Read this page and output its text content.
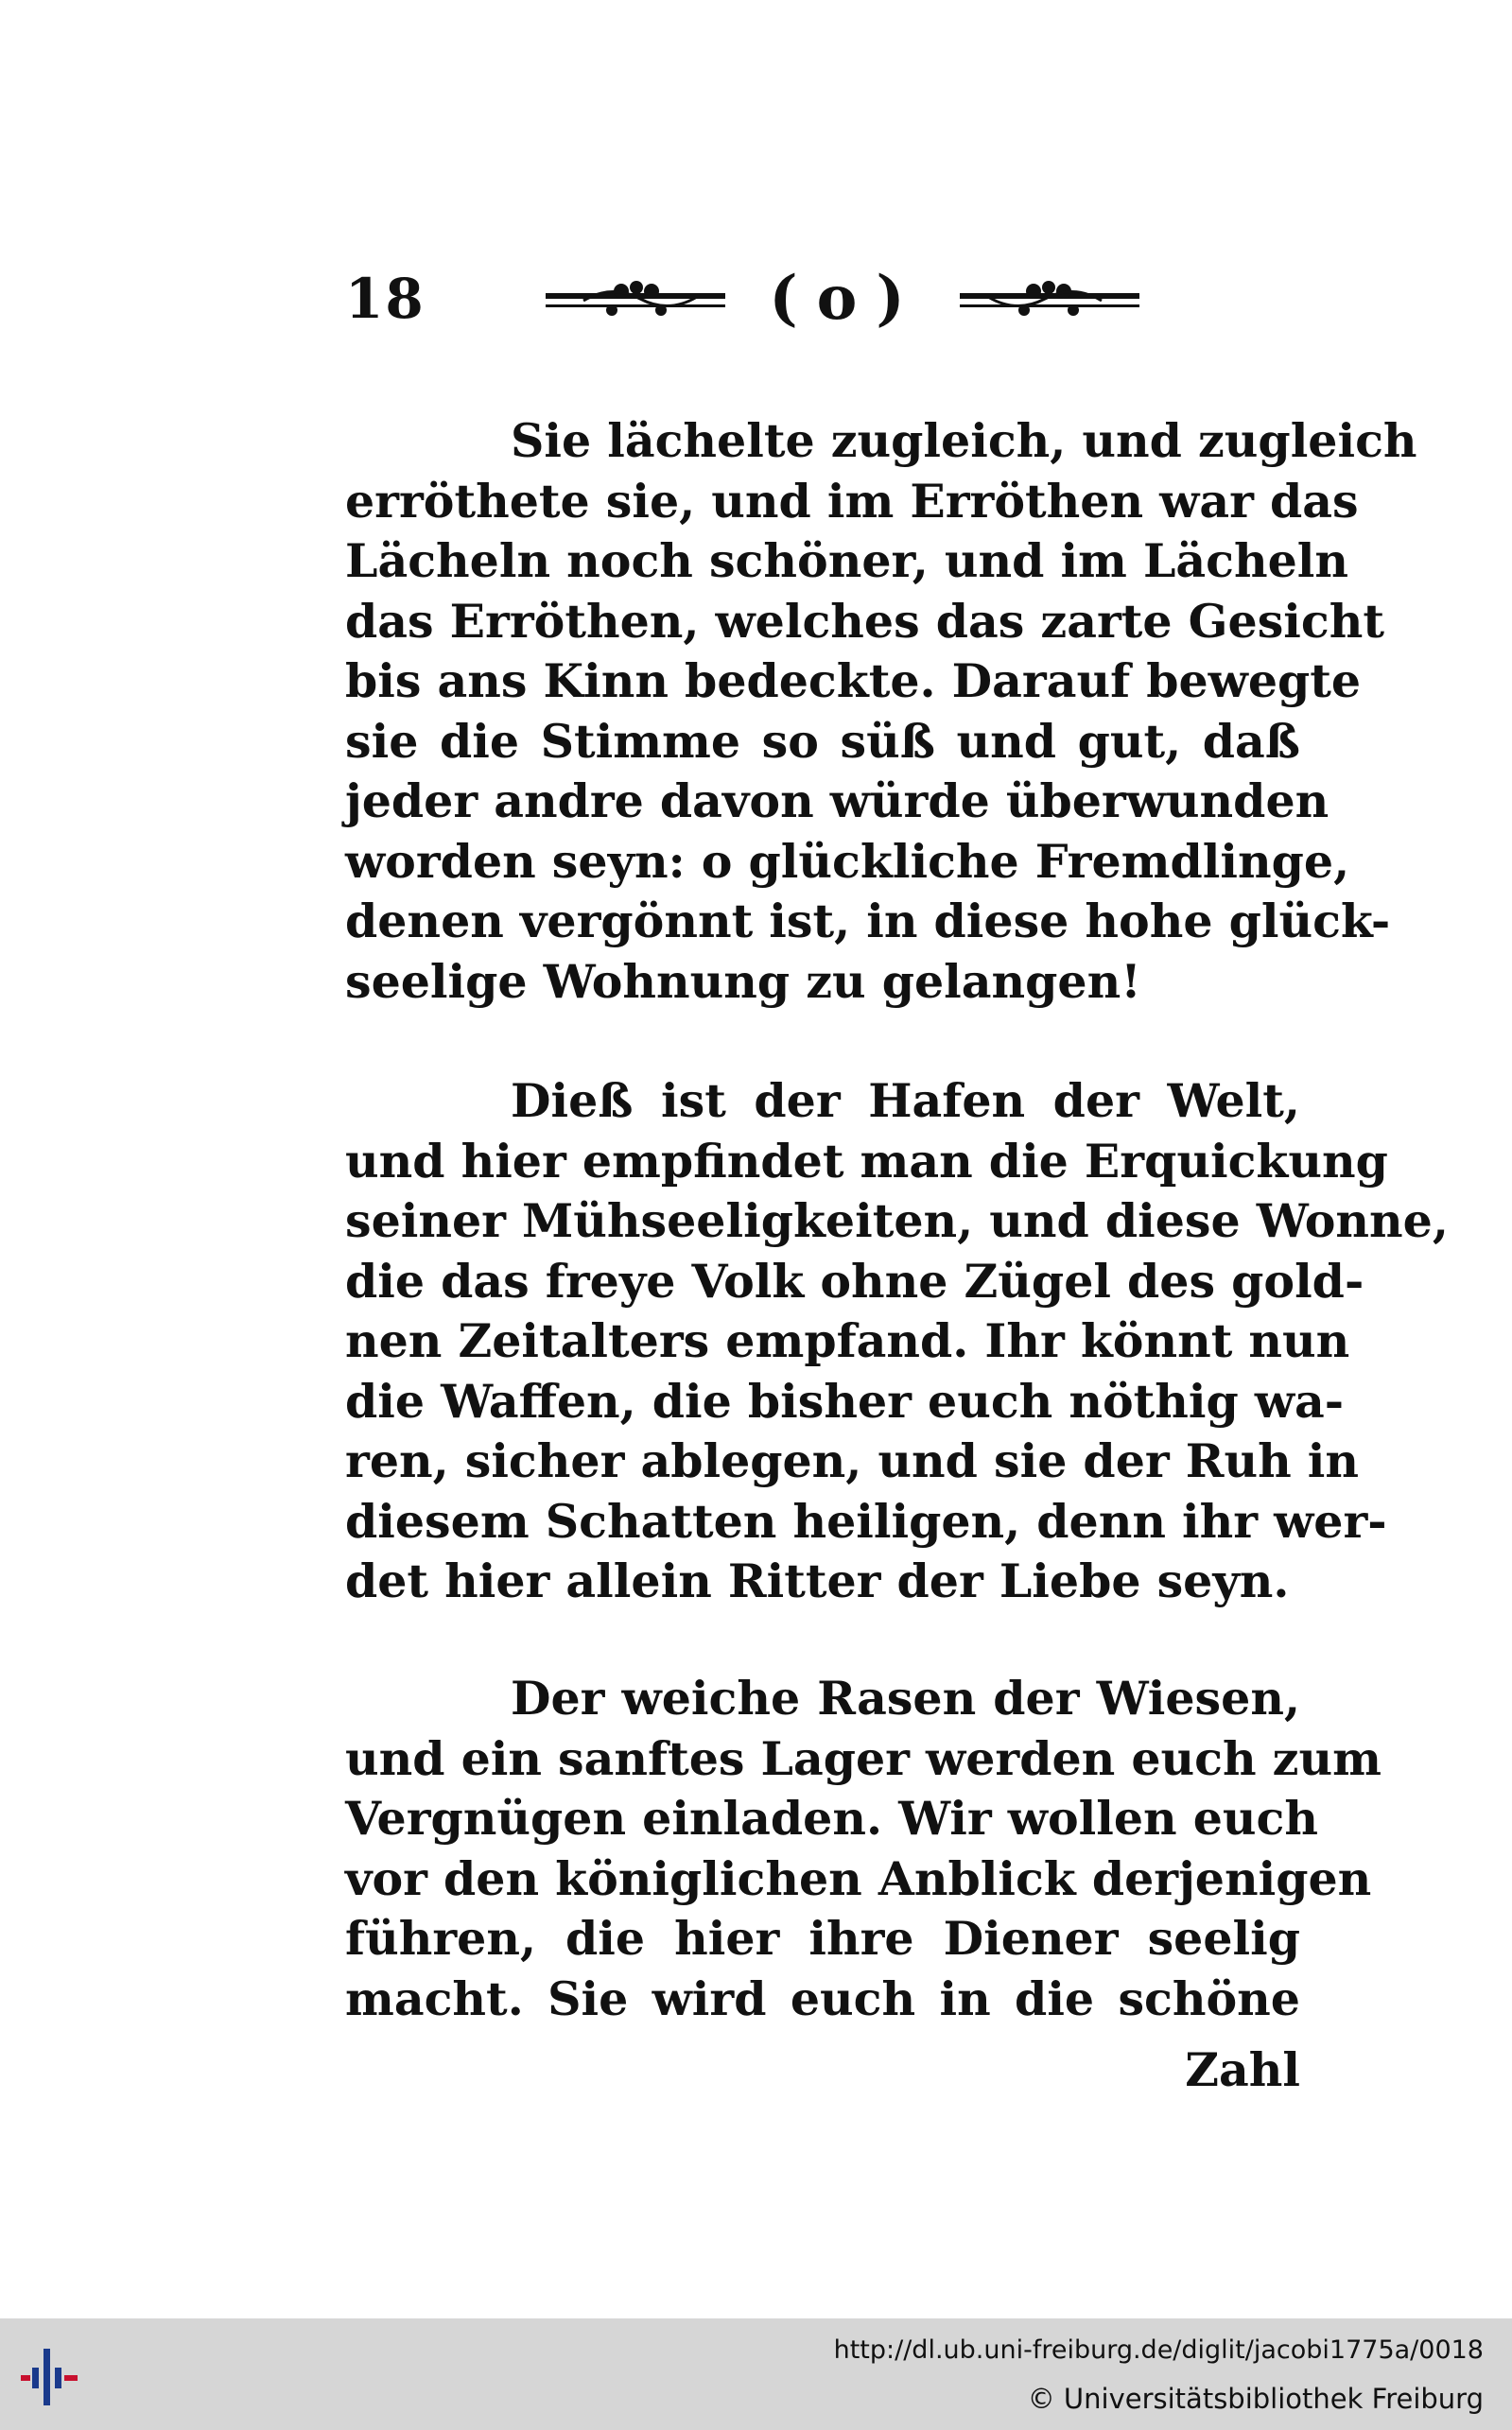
18	(o)

Sie lächelte zugleich, und zugleich
erröthete sie, und im Erröthen war das
Lächeln noch schöner, und im Lächeln
das Erröthen, welches das zarte Gesicht
bis ans Kinn bedeckte. Darauf bewegte
sie die Stimme so süß und gut, daß
jeder andre davon würde überwunden
worden seyn: o glückliche Fremdlinge,
denen vergönnt ist, in diese hohe glück-
seelige Wohnung zu gelangen!

Dieß ist der Hafen der Welt,
und hier empfindet man die Erquickung
seiner Mühseeligkeiten, und diese Wonne,
die das freye Volk ohne Zügel des gold-
nen Zeitalters empfand. Ihr könnt nun
die Waffen, die bisher euch nöthig wa-
ren, sicher ablegen, und sie der Ruh in
diesem Schatten heiligen, denn ihr wer-
det hier allein Ritter der Liebe seyn.

Der weiche Rasen der Wiesen,
und ein sanftes Lager werden euch zum
Vergnügen einladen. Wir wollen euch
vor den königlichen Anblick derjenigen
führen, die hier ihre Diener seelig
macht. Sie wird euch in die schöne

Zahl
http://dl.ub.uni-freiburg.de/diglit/jacobi1775a/0018
© Universitätsbibliothek Freiburg
